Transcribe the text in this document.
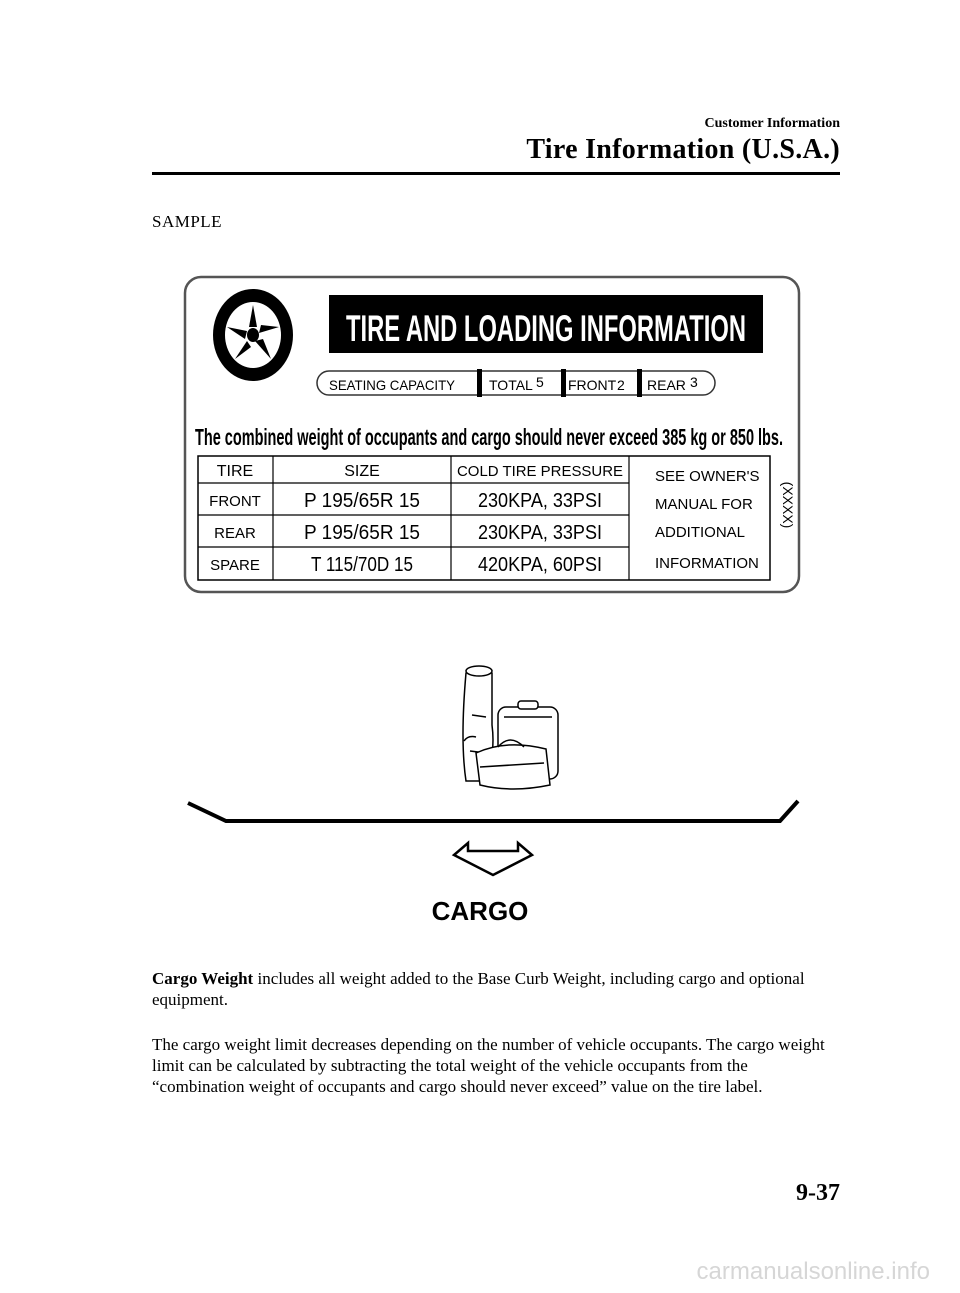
Customer Information
Tire Information (U.S.A.)
SAMPLE
TIRE AND LOADING INFORMATION
SEATING CAPACITY TOTAL 5 FRONT 2 REAR 3
The combined weight of occupants and cargo should never exceed 385 kg or 850 lbs.
TIRE	SIZE	COLD TIRE PRESSURE
FRONT P 195/65R 15	230KPA, 33PSI
REAR P 195/65R 15	230KPA, 33PSI
SPARE	T 115/70D 15	420KPA, 60PSI
SEE OWNER'S
MANUAL FOR
ADDITIONAL
INFORMATION
(XXXX)
CARGO
Cargo Weight includes all weight added to the Base Curb Weight, including cargo and optional equipment.
The cargo weight limit decreases depending on the number of vehicle occupants. The cargo weight limit can be calculated by subtracting the total weight of the vehicle occupants from the “combination weight of occupants and cargo should never exceed” value on the tire label.
9-37
carmanualsonline.info
